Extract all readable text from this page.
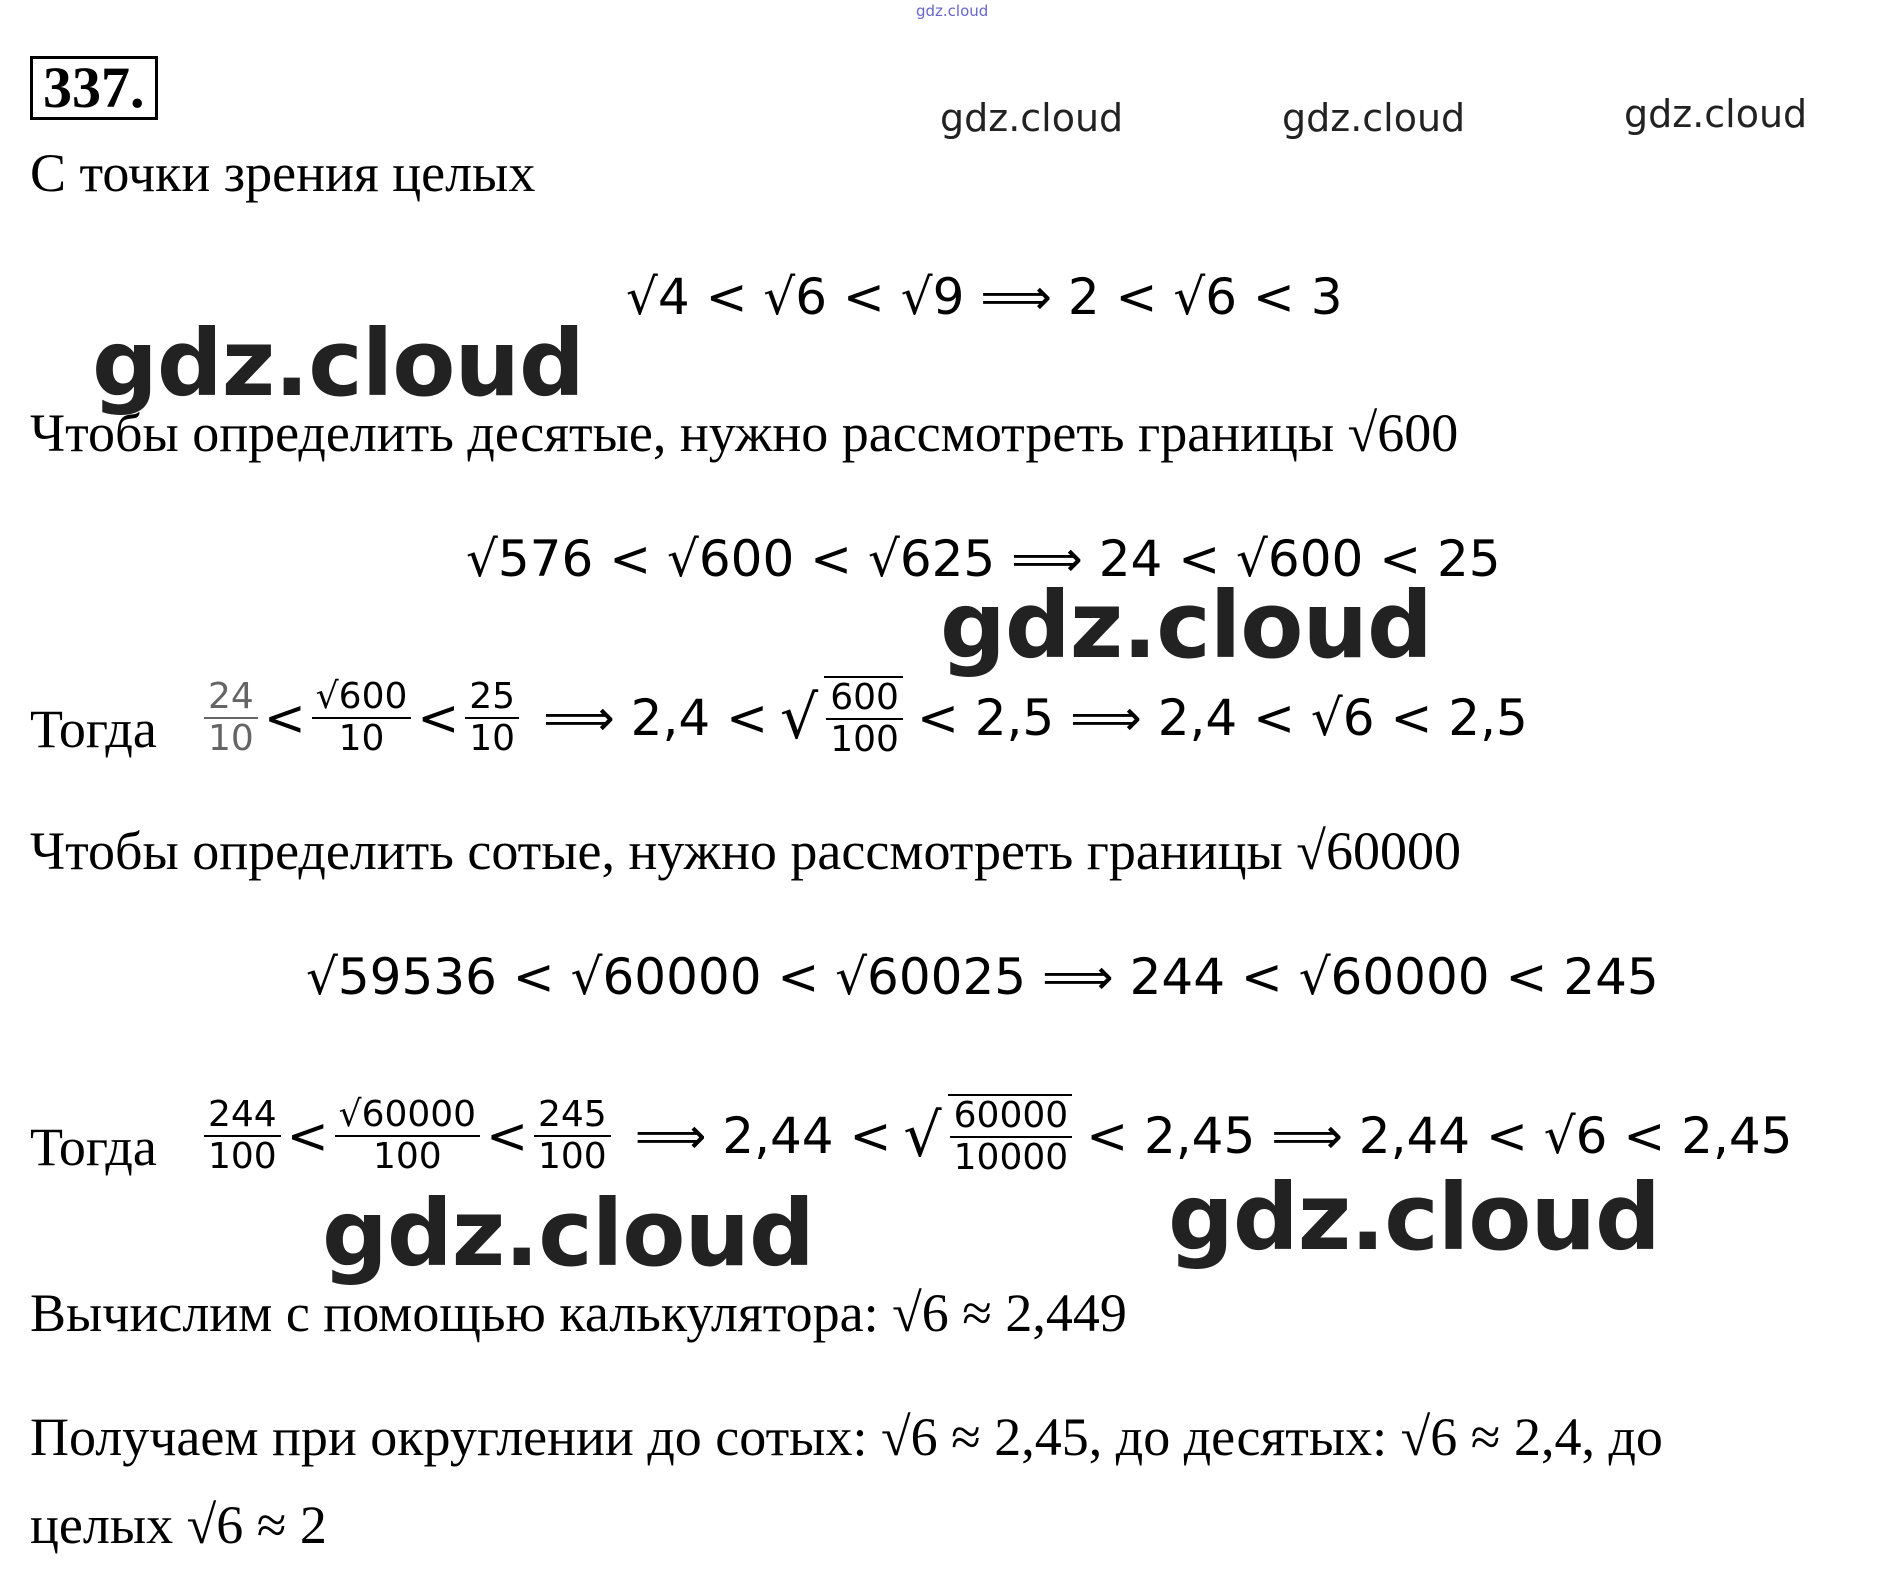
gdz.cloud
gdz.cloud	gdz.cloud	gdz.cloud
337.
С точки зрения целых
√4 < √6 < √9 ⟹ 2 < √6 < 3
gdz.cloud
Чтобы определить десятые, нужно рассмотреть границы √600
√576 < √600 < √625 ⟹ 24 < √600 < 25
gdz.cloud
Тогда $\frac{24}{10} < \frac{√600}{10} < \frac{25}{10}$ ⟹ 2,4 < √ $\frac{600}{100} < 2,5$ ⟹ 2,4 < √6 < 2,5
Чтобы определить сотые, нужно рассмотреть границы √60000
√59536 < √60000 < √60025 ⟹ 244 < √60000 < 245
Тогда $\frac{244}{100} < \frac{√60000}{100} < \frac{245}{100}$ ⟹ 2,44 < √ $\frac{60000}{10000} < 2,45$ ⟹ 2,44 < √6 < 2,45
gdz.cloud	gdz.cloud
Вычислим с помощью калькулятора: √6 ≈ 2,449
Получаем при округлении до сотых: √6 ≈ 2,45, до десятых: √6 ≈ 2,4, до
целых √6 ≈ 2
